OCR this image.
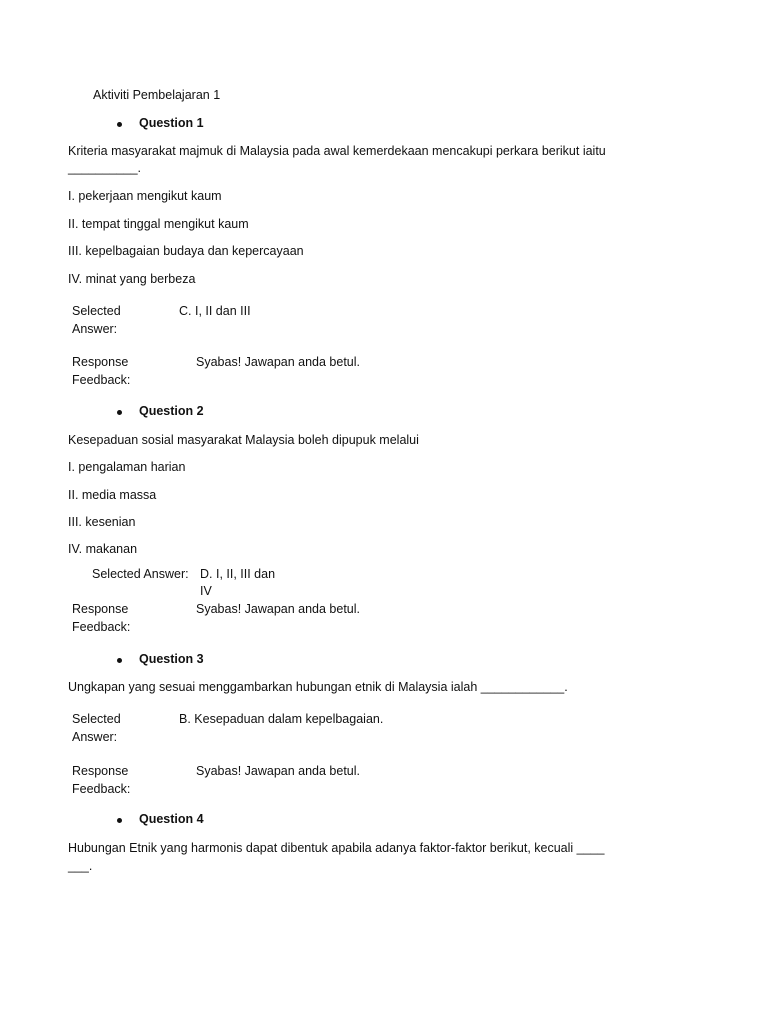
Aktiviti Pembelajaran 1
Question 1
Kriteria masyarakat majmuk di Malaysia pada awal kemerdekaan mencakupi perkara berikut iaitu
__________.
I. pekerjaan mengikut kaum
II. tempat tinggal mengikut kaum
III. kepelbagaian budaya dan kepercayaan
IV. minat yang berbeza
Selected
Answer:
C. I, II dan III
Response
Feedback:
Syabas! Jawapan anda betul.
Question 2
Kesepaduan sosial masyarakat Malaysia boleh dipupuk melalui
I. pengalaman harian
II. media massa
III. kesenian
IV. makanan
Selected Answer: D. I, II, III dan
IV
Response
Feedback:
Syabas! Jawapan anda betul.
Question 3
Ungkapan yang sesuai menggambarkan hubungan etnik di Malaysia ialah ____________.
Selected
Answer:
B. Kesepaduan dalam kepelbagaian.
Response
Feedback:
Syabas! Jawapan anda betul.
Question 4
Hubungan Etnik yang harmonis dapat dibentuk apabila adanya faktor-faktor berikut, kecuali ____
___.
